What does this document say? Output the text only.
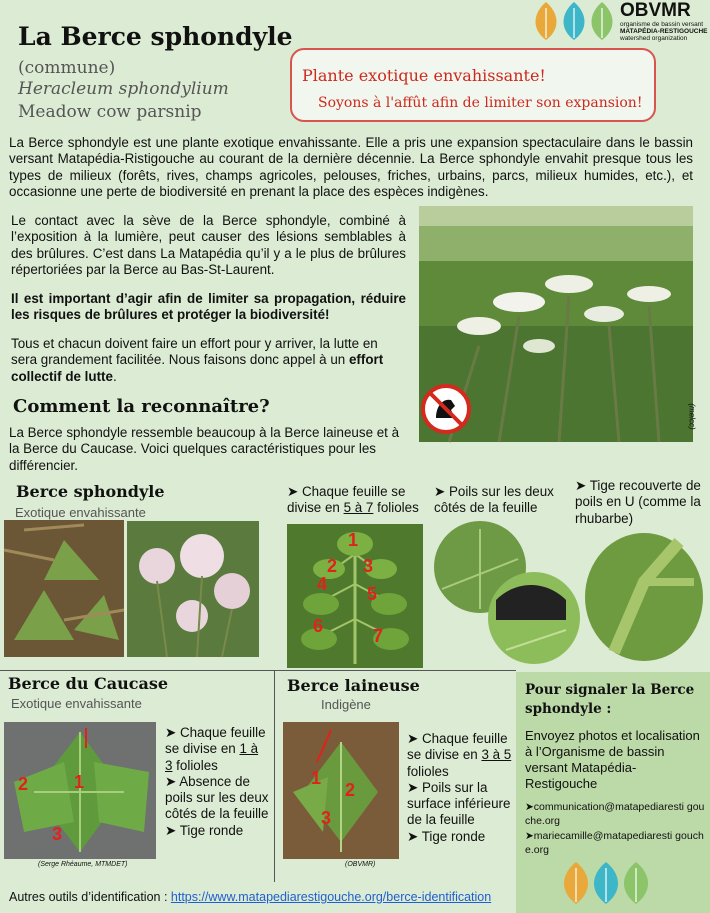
OBVMR
organisme de bassin versant
MATAPÉDIA-RESTIGOUCHE
watershed organization
La Berce sphondyle
(commune)
Heracleum sphondylium
Meadow cow parsnip
Plante exotique envahissante!
Soyons à l'affût afin de limiter son expansion!
La Berce sphondyle est une plante exotique envahissante. Elle a pris une expansion spectaculaire dans le bassin versant Matapédia-Ristigouche au courant de la dernière décennie. La Berce sphondyle envahit presque tous les types de milieux (forêts, rives, champs agricoles, pelouses, friches, urbains, parcs, milieux humides, etc.), et occasionne une perte de biodiversité en prenant la place des espèces indigènes.
Le contact avec la sève de la Berce sphondyle, combiné à l’exposition à la lumière, peut causer des lésions semblables à des brûlures. C’est dans La Matapédia qu’il y a le plus de brûlures répertoriées par la Berce au Bas-St-Laurent.
Il est important d’agir afin de limiter sa propagation, réduire les risques de brûlures et protéger la biodiversité!
Tous et chacun doivent faire un effort pour y arriver, la lutte en sera grandement facilitée. Nous faisons donc appel à un effort collectif de lutte.
(melcc)
Comment la reconnaître?
La Berce sphondyle ressemble beaucoup à la Berce laineuse et à la Berce du Caucase. Voici quelques caractéristiques pour les différencier.
Berce sphondyle
Exotique envahissante
➤ Chaque feuille se divise en 5 à 7 folioles
➤ Poils sur les deux côtés de la feuille
➤ Tige recouverte de poils en U (comme la rhubarbe)
1
2 3
4 5
6	7
Berce du Caucase
Exotique envahissante
1
2
3
(Serge Rhéaume, MTMDET)
➤ Chaque feuille se divise en 1 à 3 folioles
➤ Absence de poils sur les deux côtés de la feuille
➤ Tige ronde
Berce laineuse
Indigène
1
2
3
(OBVMR)
➤ Chaque feuille se divise en 3 à 5 folioles
➤ Poils sur la surface inférieure de la feuille
➤ Tige ronde
Pour signaler la Berce sphondyle :
Envoyez photos et localisation à l’Organisme de bassin versant Matapédia-Restigouche
➤communication@matapediaresti gouche.org
➤mariecamille@matapediaresti gouche.org
Autres outils d’identification : https://www.matapediarestigouche.org/berce-identification
